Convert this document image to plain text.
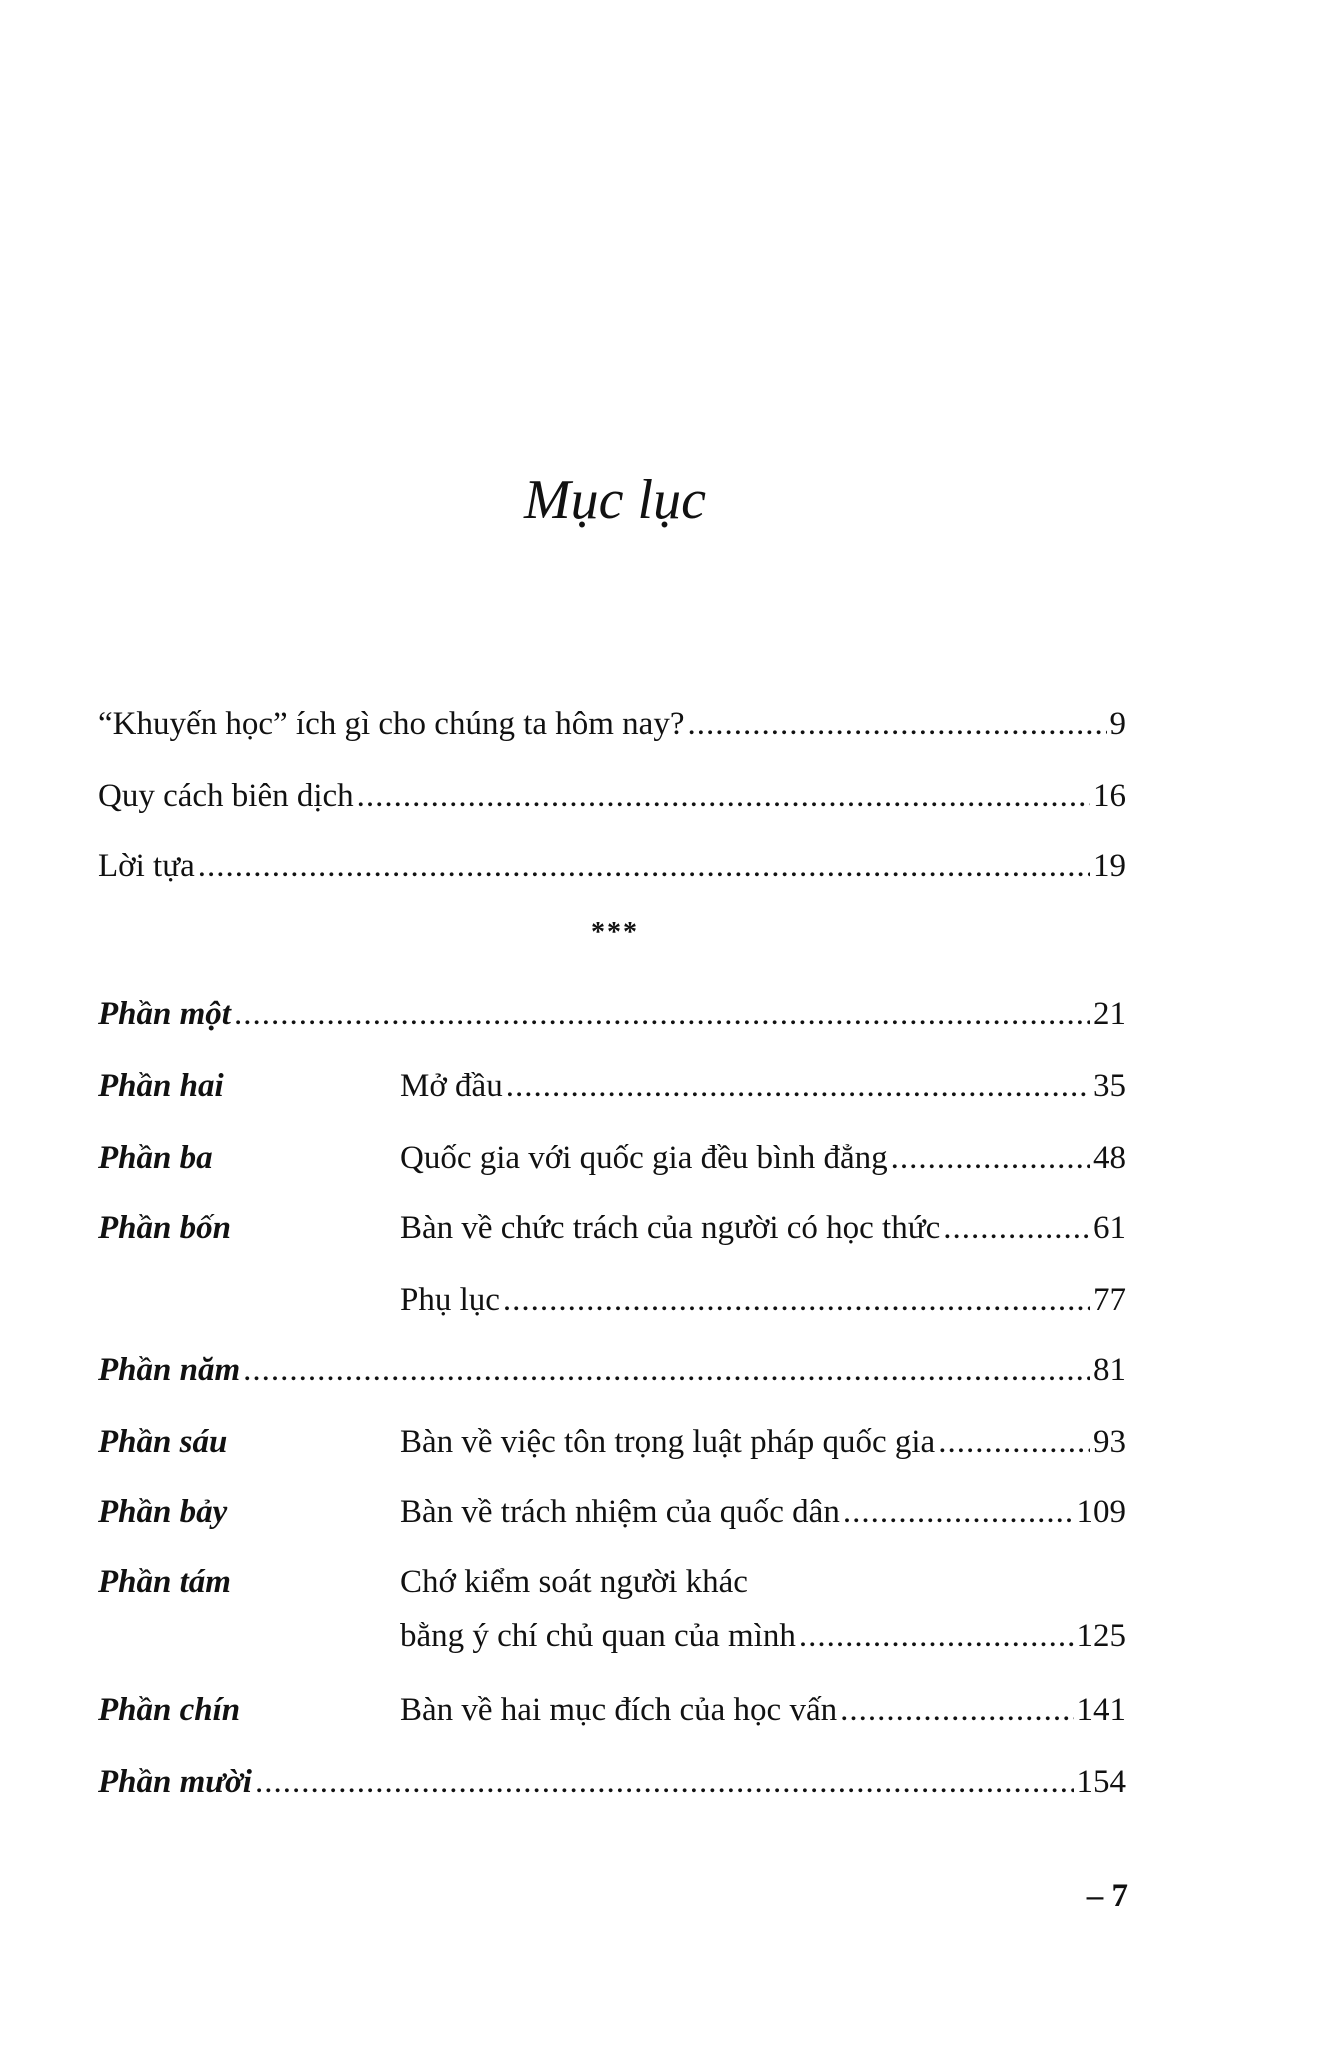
Mục lục
“Khuyến học” ích gì cho chúng ta hôm nay? .....	9
Quy cách biên dịch .....	16
Lời tựa .....	19
***
Phần một .....	21
Phần hai	Mở đầu .....	35
Phần ba	Quốc gia với quốc gia đều bình đẳng .....	48
Phần bốn	Bàn về chức trách của người có học thức .....	61
Phụ lục .....	77
Phần năm .....	81
Phần sáu	Bàn về việc tôn trọng luật pháp quốc gia .....	93
Phần bảy	Bàn về trách nhiệm của quốc dân .....	109
Phần tám	Chớ kiểm soát người khác
bằng ý chí chủ quan của mình .....	125
Phần chín	Bàn về hai mục đích của học vấn .....	141
Phần mười .....	154
– 7
